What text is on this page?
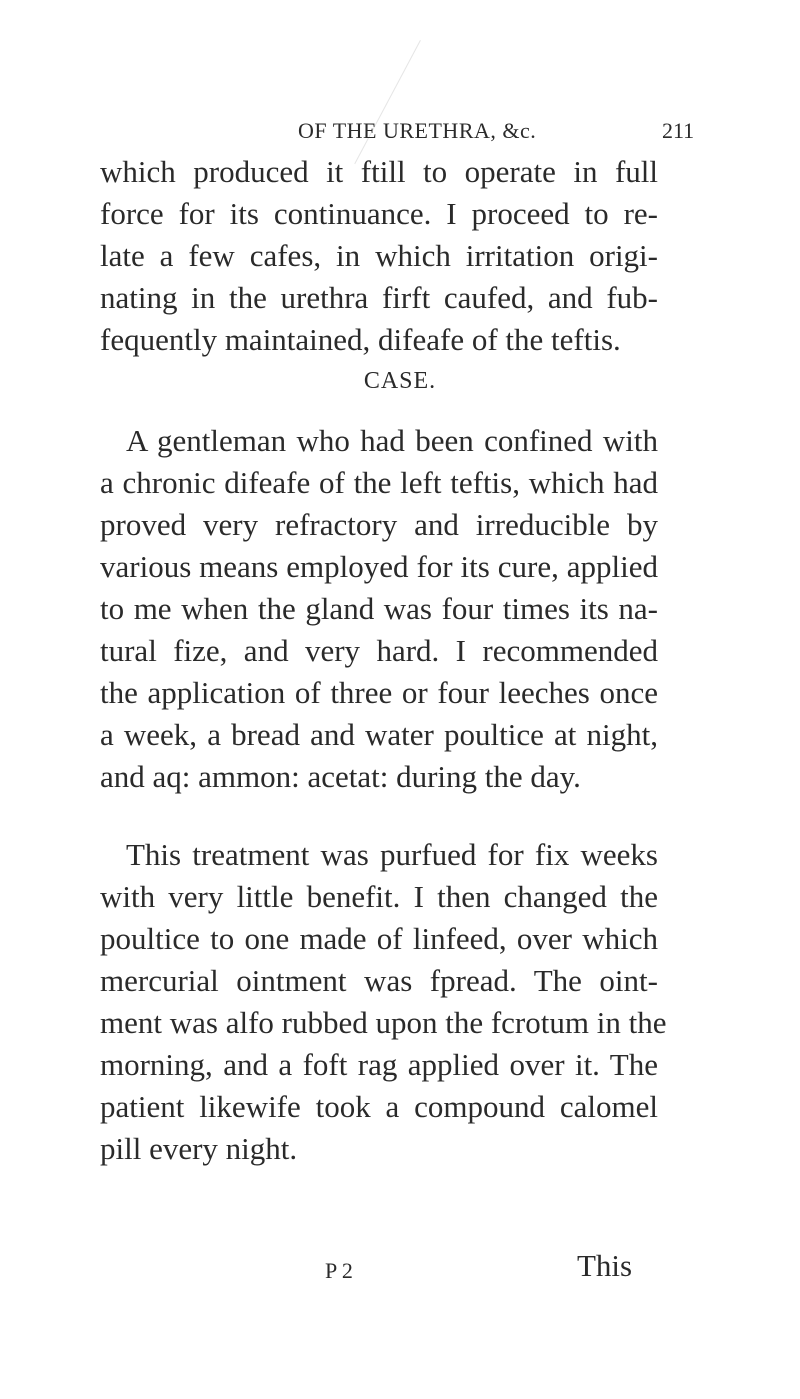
OF THE URETHRA, &c.	211
which produced it ftill to operate in full
force for its continuance. I proceed to re-
late a few cafes, in which irritation origi-
nating in the urethra firft caufed, and fub-
fequently maintained, difeafe of the teftis.
CASE.
A gentleman who had been confined with
a chronic difeafe of the left teftis, which had
proved very refractory and irreducible by
various means employed for its cure, applied
to me when the gland was four times its na-
tural fize, and very hard. I recommended
the application of three or four leeches once
a week, a bread and water poultice at night,
and aq: ammon: acetat: during the day.
This treatment was purfued for fix weeks
with very little benefit. I then changed the
poultice to one made of linfeed, over which
mercurial ointment was fpread. The oint-
ment was alfo rubbed upon the fcrotum in the
morning, and a foft rag applied over it. The
patient likewife took a compound calomel
pill every night.
P 2	This
